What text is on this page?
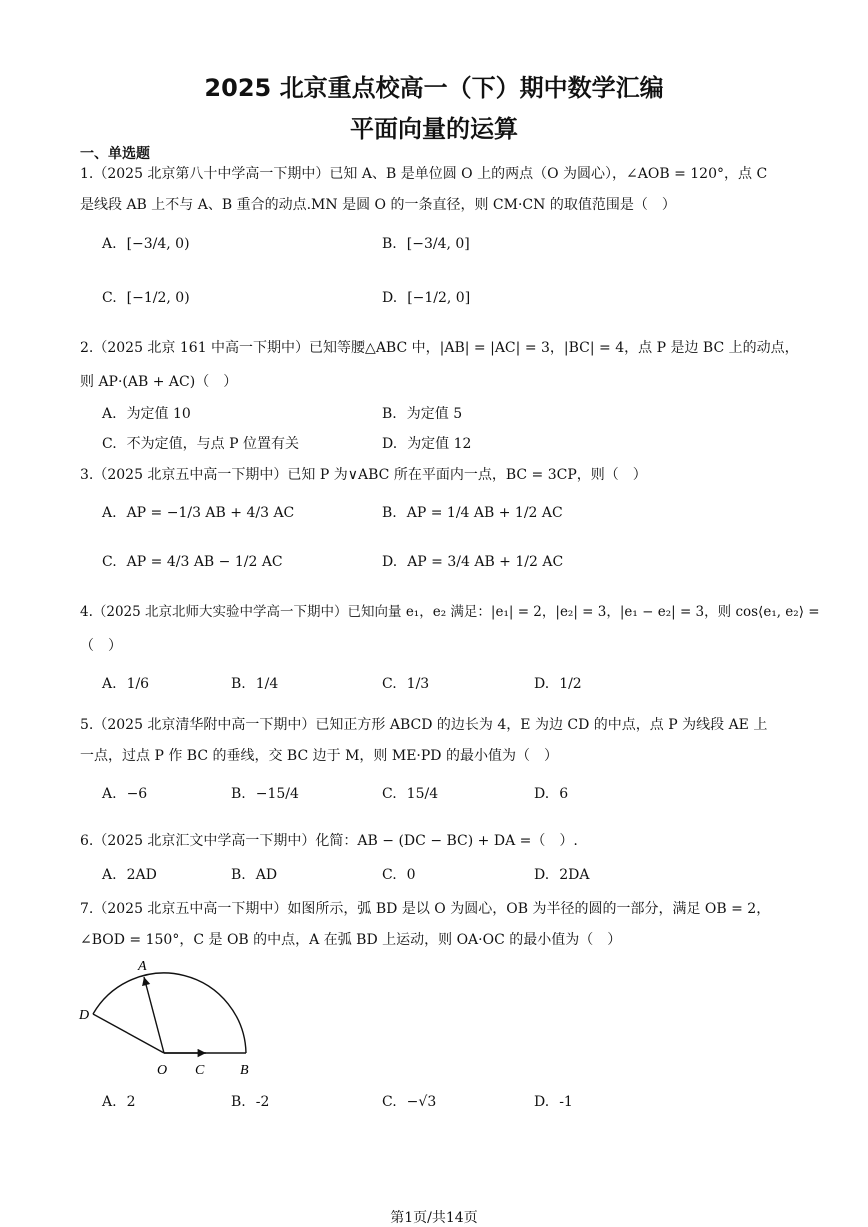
2025 北京重点校高一（下）期中数学汇编
平面向量的运算
一、单选题
1.（2025 北京第八十中学高一下期中）已知 A、B 是单位圆 O 上的两点（O 为圆心），∠AOB = 120°，点 C
是线段 AB 上不与 A、B 重合的动点.MN 是圆 O 的一条直径，则 CM·CN 的取值范围是（　）
A. [−3/4, 0)	B. [−3/4, 0]
C. [−1/2, 0)	D. [−1/2, 0]
2.（2025 北京 161 中高一下期中）已知等腰△ABC 中，|AB| = |AC| = 3，|BC| = 4，点 P 是边 BC 上的动点，
则 AP·(AB + AC)（　）
A. 为定值 10	B. 为定值 5
C. 不为定值，与点 P 位置有关	D. 为定值 12
3.（2025 北京五中高一下期中）已知 P 为∨ABC 所在平面内一点，BC = 3CP，则（　）
A. AP = −1/3 AB + 4/3 AC	B. AP = 1/4 AB + 1/2 AC
C. AP = 4/3 AB − 1/2 AC	D. AP = 3/4 AB + 1/2 AC
4.（2025 北京北师大实验中学高一下期中）已知向量 e₁，e₂ 满足：|e₁| = 2，|e₂| = 3，|e₁ − e₂| = 3，则 cos⟨e₁, e₂⟩ =
（　）
A. 1/6	B. 1/4	C. 1/3	D. 1/2
5.（2025 北京清华附中高一下期中）已知正方形 ABCD 的边长为 4，E 为边 CD 的中点，点 P 为线段 AE 上
一点，过点 P 作 BC 的垂线，交 BC 边于 M，则 ME·PD 的最小值为（　）
A. −6	B. −15/4	C. 15/4	D. 6
6.（2025 北京汇文中学高一下期中）化简：AB − (DC − BC) + DA =（　）.
A. 2AD	B. AD	C. 0	D. 2DA
7.（2025 北京五中高一下期中）如图所示，弧 BD 是以 O 为圆心，OB 为半径的圆的一部分，满足 OB = 2，
∠BOD = 150°，C 是 OB 的中点，A 在弧 BD 上运动，则 OA·OC 的最小值为（　）
A
D
O C	B
A. 2	B. -2	C. −√3	D. -1
第1页/共14页
